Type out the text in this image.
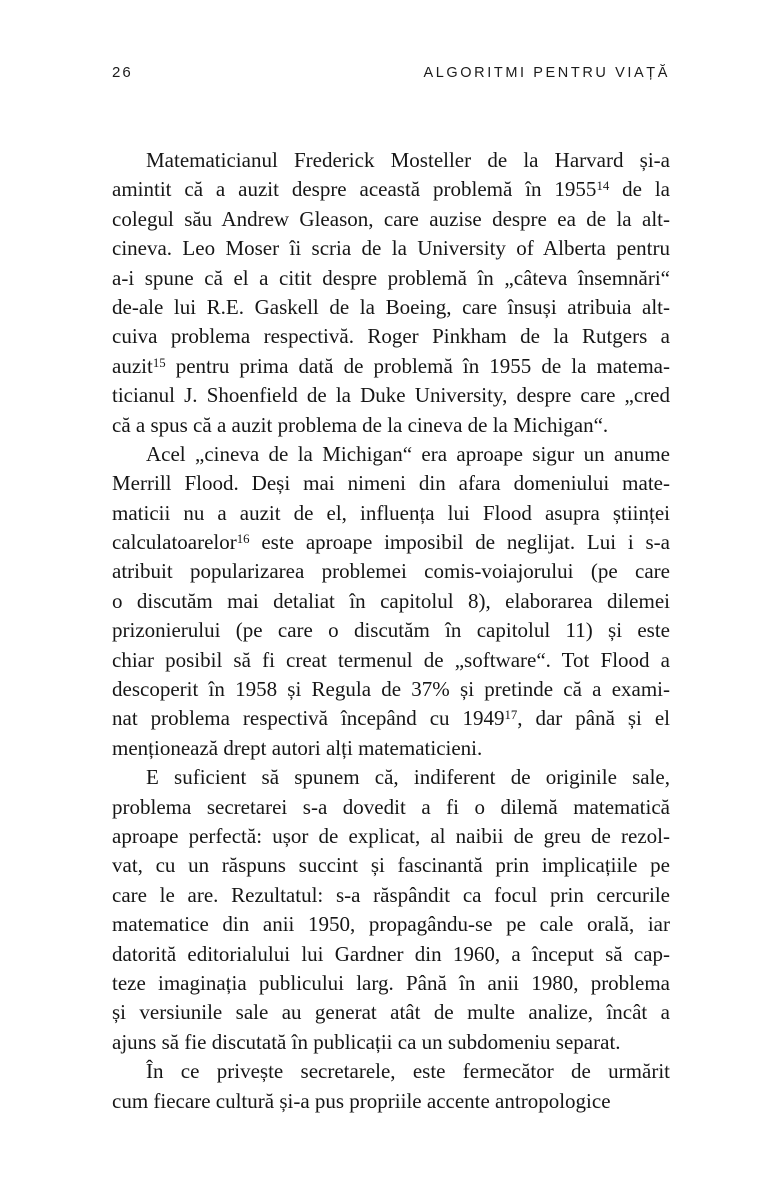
26	ALGORITMI PENTRU VIAȚĂ
Matematicianul Frederick Mosteller de la Harvard și-a
amintit că a auzit despre această problemă în 1955$^{14}$ de la
colegul său Andrew Gleason, care auzise despre ea de la alt-
cineva. Leo Moser îi scria de la University of Alberta pentru
a-i spune că el a citit despre problemă în „câteva însemnări“
de-ale lui R.E. Gaskell de la Boeing, care însuși atribuia alt-
cuiva problema respectivă. Roger Pinkham de la Rutgers a
auzit$^{15}$ pentru prima dată de problemă în 1955 de la matema-
ticianul J. Shoenfield de la Duke University, despre care „cred
că a spus că a auzit problema de la cineva de la Michigan“.
Acel „cineva de la Michigan“ era aproape sigur un anume
Merrill Flood. Deși mai nimeni din afara domeniului mate-
maticii nu a auzit de el, influența lui Flood asupra științei
calculatoarelor$^{16}$ este aproape imposibil de neglijat. Lui i s-a
atribuit popularizarea problemei comis-voiajorului (pe care
o discutăm mai detaliat în capitolul 8), elaborarea dilemei
prizonierului (pe care o discutăm în capitolul 11) și este
chiar posibil să fi creat termenul de „software“. Tot Flood a
descoperit în 1958 și Regula de 37% și pretinde că a exami-
nat problema respectivă începând cu 1949$^{17}$, dar până și el
menționează drept autori alți matematicieni.
E suficient să spunem că, indiferent de originile sale,
problema secretarei s-a dovedit a fi o dilemă matematică
aproape perfectă: ușor de explicat, al naibii de greu de rezol-
vat, cu un răspuns succint și fascinantă prin implicațiile pe
care le are. Rezultatul: s-a răspândit ca focul prin cercurile
matematice din anii 1950, propagându-se pe cale orală, iar
datorită editorialului lui Gardner din 1960, a început să cap-
teze imaginația publicului larg. Până în anii 1980, problema
și versiunile sale au generat atât de multe analize, încât a
ajuns să fie discutată în publicații ca un subdomeniu separat.
În ce privește secretarele, este fermecător de urmărit
cum fiecare cultură și-a pus propriile accente antropologice
